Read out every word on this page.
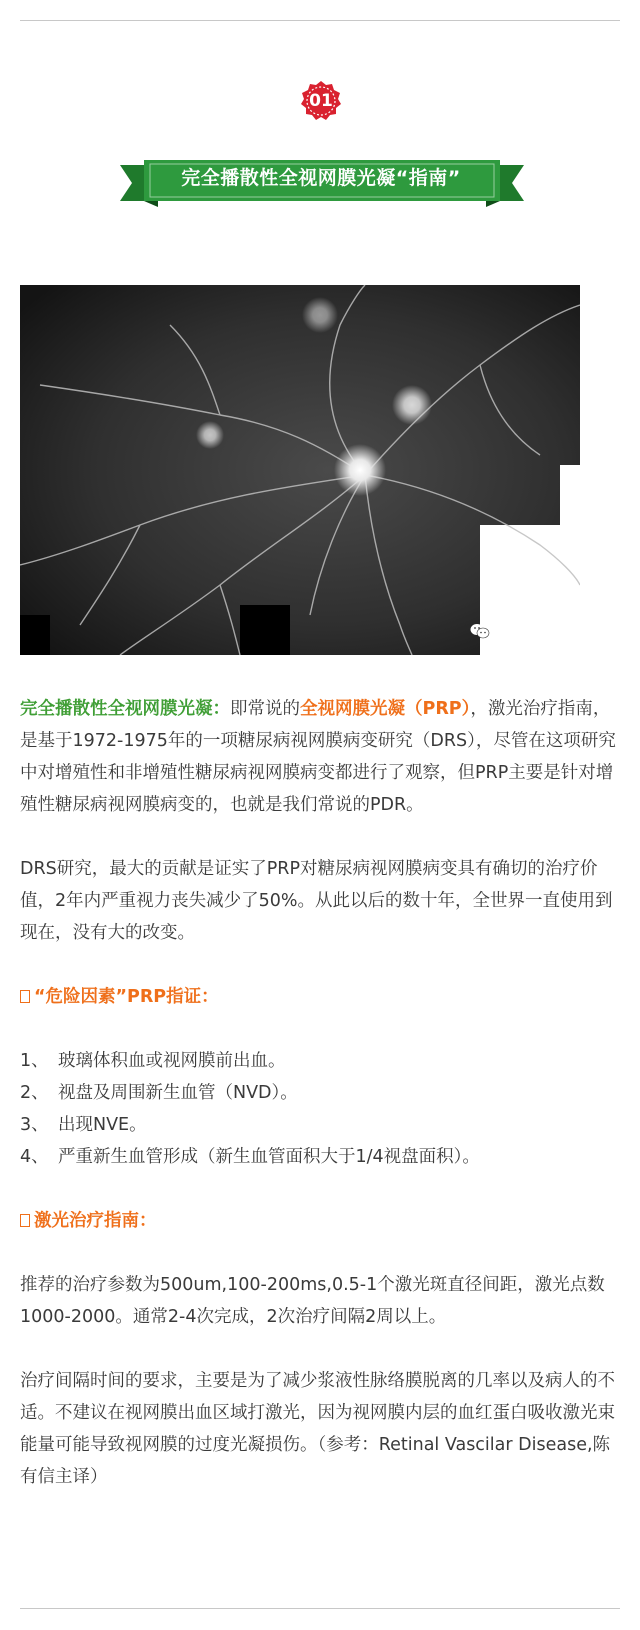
01
完全播散性全视网膜光凝“指南”
王富彬眼科

完全播散性全视网膜光凝：即常说的全视网膜光凝（PRP），激光治疗指南，是基于1972-1975年的一项糖尿病视网膜病变研究（DRS），尽管在这项研究中对增殖性和非增殖性糖尿病视网膜病变都进行了观察，但PRP主要是针对增殖性糖尿病视网膜病变的，也就是我们常说的PDR。

DRS研究，最大的贡献是证实了PRP对糖尿病视网膜病变具有确切的治疗价值，2年内严重视力丧失减少了50%。从此以后的数十年，全世界一直使用到现在，没有大的改变。

“危险因素”PRP指证：

1、 玻璃体积血或视网膜前出血。

2、 视盘及周围新生血管（NVD）。

3、 出现NVE。

4、 严重新生血管形成（新生血管面积大于1/4视盘面积）。

激光治疗指南：

推荐的治疗参数为500um,100-200ms,0.5-1个激光斑直径间距，激光点数1000-2000。通常2-4次完成，2次治疗间隔2周以上。

治疗间隔时间的要求，主要是为了减少浆液性脉络膜脱离的几率以及病人的不适。不建议在视网膜出血区域打激光，因为视网膜内层的血红蛋白吸收激光束能量可能导致视网膜的过度光凝损伤。（参考：Retinal Vascilar Disease,陈有信主译）
